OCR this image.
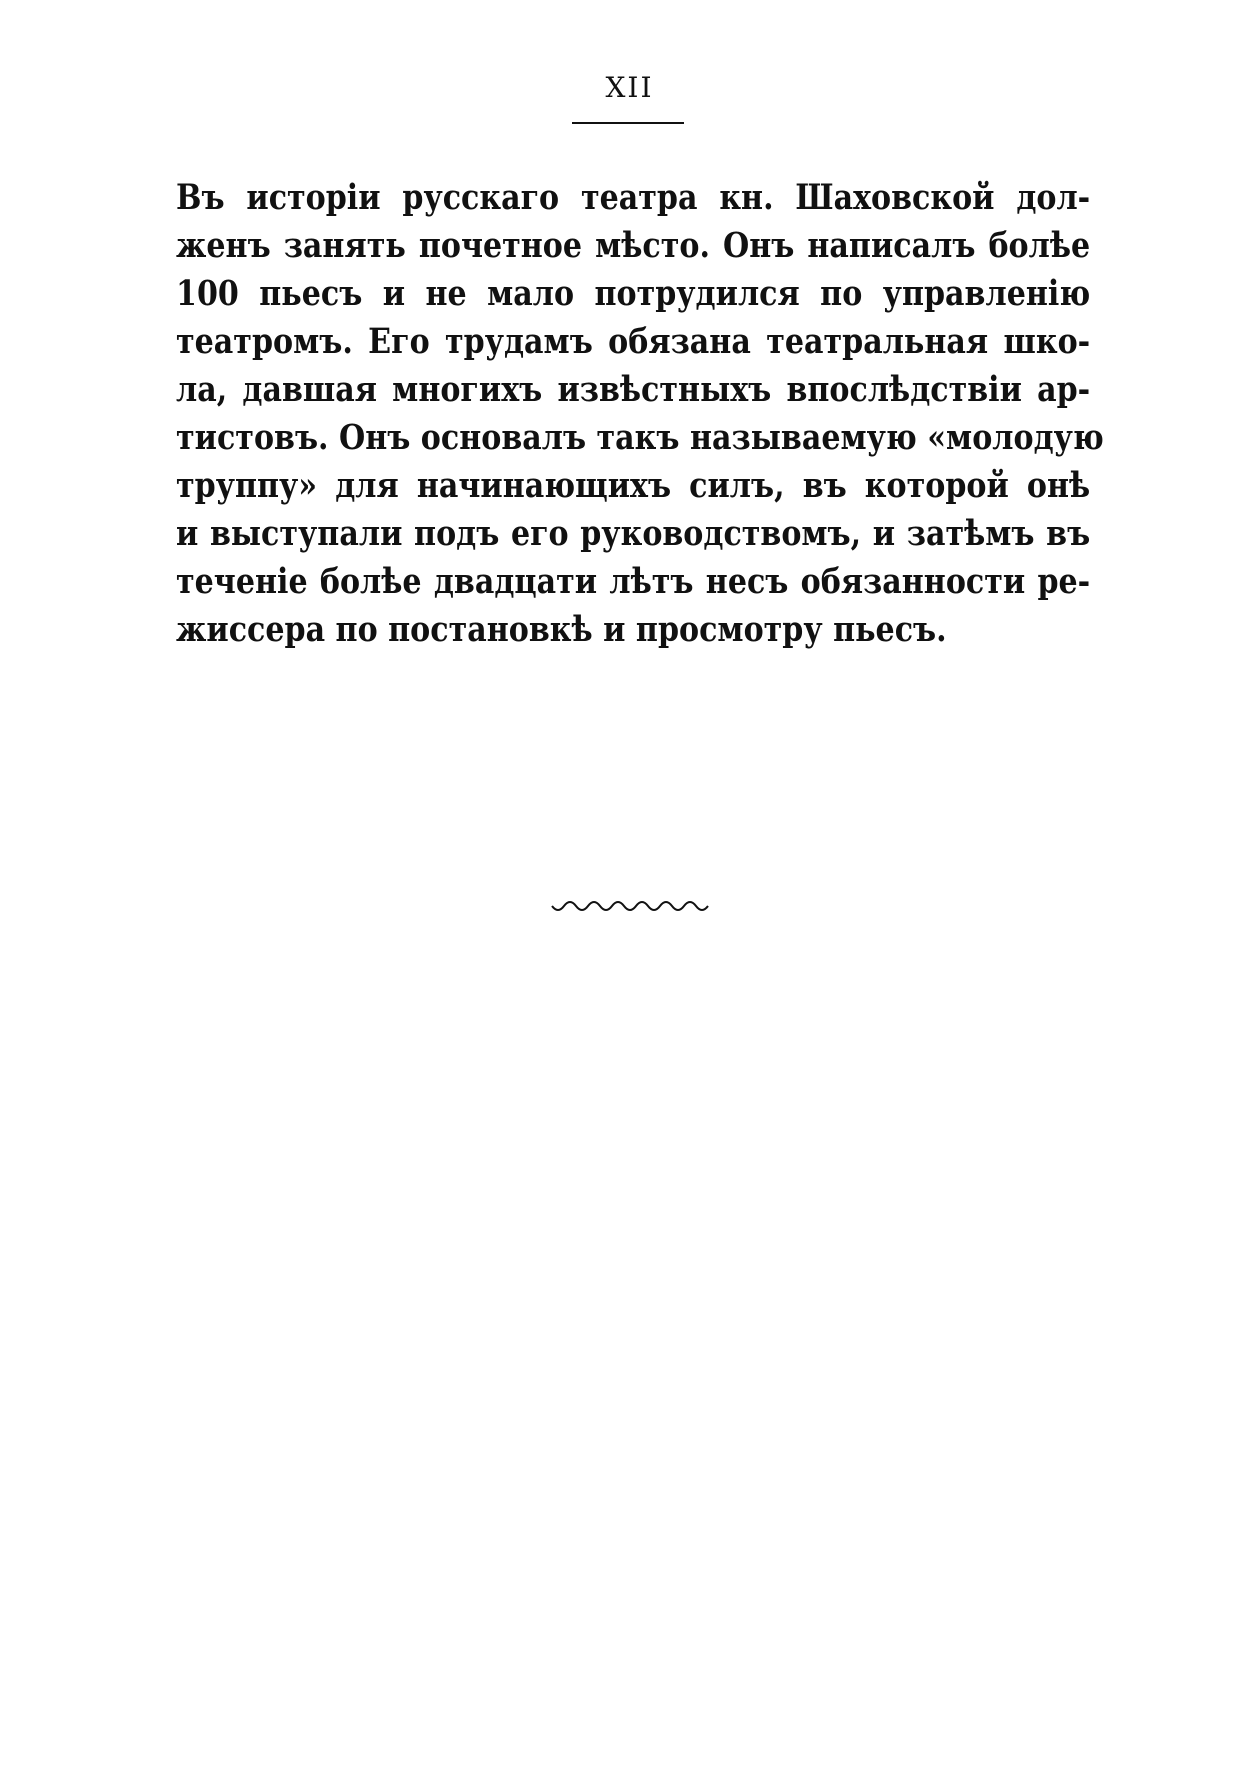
XII
Въ исторіи русскаго театра кн. Шаховской дол-
женъ занять почетное мѣсто. Онъ написалъ болѣе
100 пьесъ и не мало потрудился по управленію
театромъ. Его трудамъ обязана театральная шко-
ла, давшая многихъ извѣстныхъ впослѣдствіи ар-
тистовъ. Онъ основалъ такъ называемую «молодую
труппу» для начинающихъ силъ, въ которой онѣ
и выступали подъ его руководствомъ, и затѣмъ въ
теченіе болѣе двадцати лѣтъ несъ обязанности ре-
жиссера по постановкѣ и просмотру пьесъ.
